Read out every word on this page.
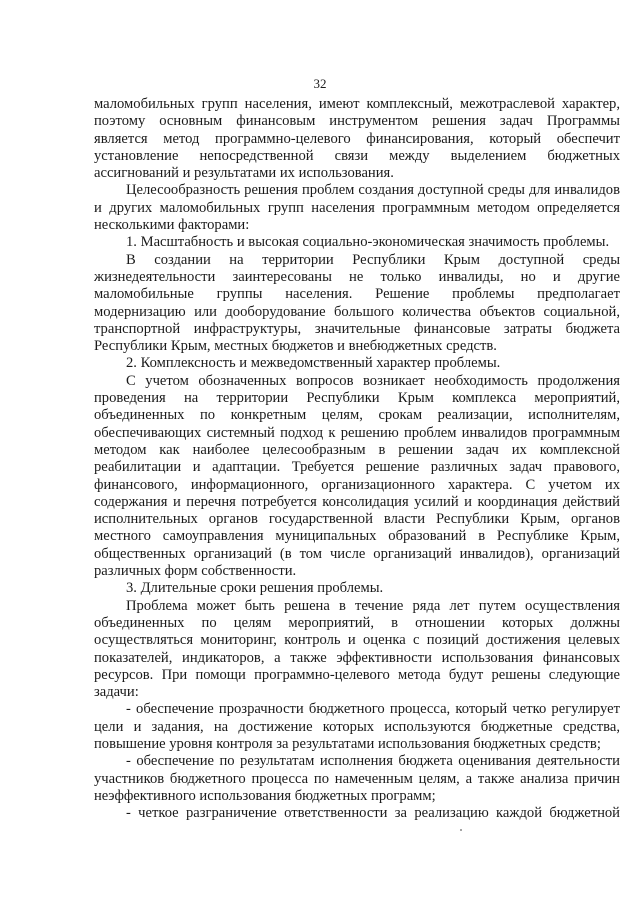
32

маломобильных групп населения, имеют комплексный, межотраслевой характер,

поэтому основным финансовым инструментом решения задач Программы

является метод программно-целевого финансирования, который обеспечит

установление непосредственной связи между выделением бюджетных

ассигнований и результатами их использования.

Целесообразность решения проблем создания доступной среды для инвалидов

и других маломобильных групп населения программным методом определяется

несколькими факторами:

1. Масштабность и высокая социально-экономическая значимость проблемы.

В создании на территории Республики Крым доступной среды

жизнедеятельности заинтересованы не только инвалиды, но и другие

маломобильные группы населения. Решение проблемы предполагает

модернизацию или дооборудование большого количества объектов социальной,

транспортной инфраструктуры, значительные финансовые затраты бюджета

Республики Крым, местных бюджетов и внебюджетных средств.

2. Комплексность и межведомственный характер проблемы.

С учетом обозначенных вопросов возникает необходимость продолжения

проведения на территории Республики Крым комплекса мероприятий,

объединенных по конкретным целям, срокам реализации, исполнителям,

обеспечивающих системный подход к решению проблем инвалидов программным

методом как наиболее целесообразным в решении задач их комплексной

реабилитации и адаптации. Требуется решение различных задач правового,

финансового, информационного, организационного характера. С учетом их

содержания и перечня потребуется консолидация усилий и координация действий

исполнительных органов государственной власти Республики Крым, органов

местного самоуправления муниципальных образований в Республике Крым,

общественных организаций (в том числе организаций инвалидов), организаций

различных форм собственности.

3. Длительные сроки решения проблемы.

Проблема может быть решена в течение ряда лет путем осуществления

объединенных по целям мероприятий, в отношении которых должны

осуществляться мониторинг, контроль и оценка с позиций достижения целевых

показателей, индикаторов, а также эффективности использования финансовых

ресурсов. При помощи программно-целевого метода будут решены следующие

задачи:

- обеспечение прозрачности бюджетного процесса, который четко регулирует

цели и задания, на достижение которых используются бюджетные средства,

повышение уровня контроля за результатами использования бюджетных средств;

- обеспечение по результатам исполнения бюджета оценивания деятельности

участников бюджетного процесса по намеченным целям, а также анализа причин

неэффективного использования бюджетных программ;

- четкое разграничение ответственности за реализацию каждой бюджетной
